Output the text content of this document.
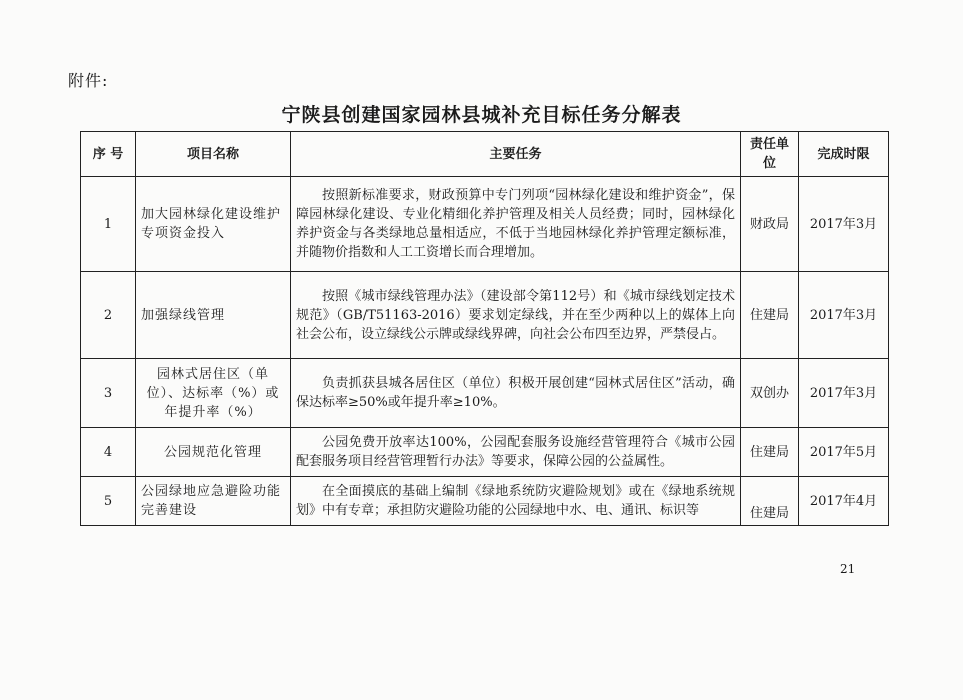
附件:
宁陕县创建国家园林县城补充目标任务分解表
序 号	项目名称	主要任务	责任单位	完成时限
1	加大园林绿化建设维护专项资金投入	按照新标准要求，财政预算中专门列项“园林绿化建设和维护资金”，保障园林绿化建设、专业化精细化养护管理及相关人员经费；同时，园林绿化养护资金与各类绿地总量相适应，不低于当地园林绿化养护管理定额标准，并随物价指数和人工工资增长而合理增加。	财政局	2017年3月
2	加强绿线管理	按照《城市绿线管理办法》（建设部令第112号）和《城市绿线划定技术规范》（GB/T51163-2016）要求划定绿线，并在至少两种以上的媒体上向社会公布，设立绿线公示牌或绿线界碑，向社会公布四至边界，严禁侵占。	住建局	2017年3月
3	园林式居住区（单位）、达标率（%）或年提升率（%）	负责抓获县城各居住区（单位）积极开展创建“园林式居住区”活动，确保达标率≥50%或年提升率≥10%。	双创办	2017年3月
4	公园规范化管理	公园免费开放率达100%，公园配套服务设施经营管理符合《城市公园配套服务项目经营管理暂行办法》等要求，保障公园的公益属性。	住建局	2017年5月
5	公园绿地应急避险功能完善建设	在全面摸底的基础上编制《绿地系统防灾避险规划》或在《绿地系统规划》中有专章；承担防灾避险功能的公园绿地中水、电、通讯、标识等	住建局	2017年4月
21
